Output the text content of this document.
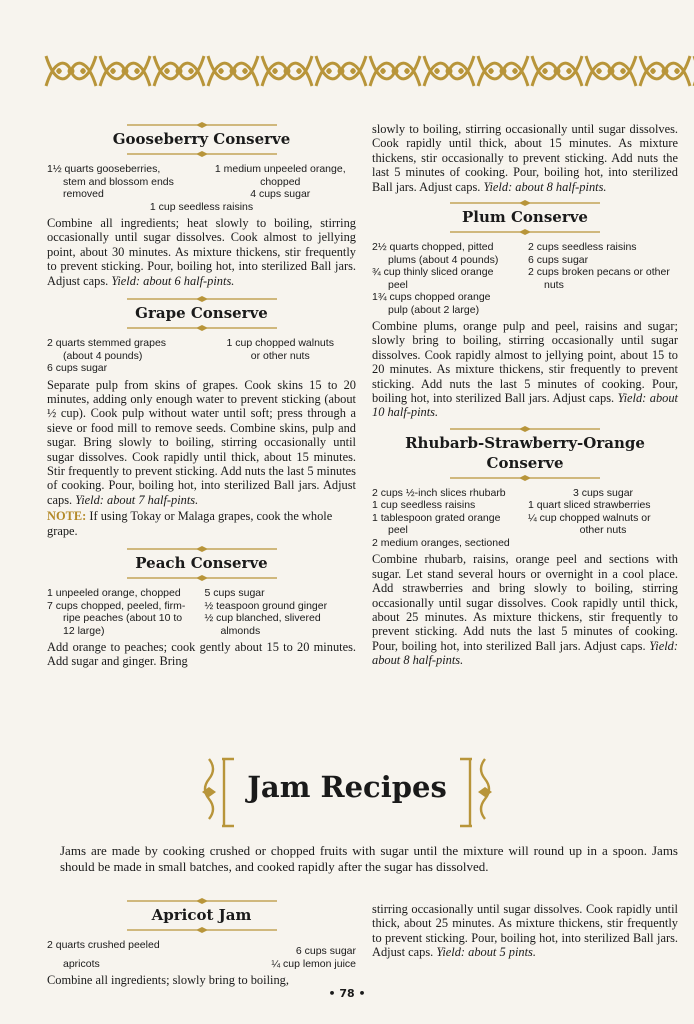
Gooseberry Conserve
1½ quarts gooseberries,	1 medium unpeeled orange,
stem and blossom ends	chopped
removed	4 cups sugar
1 cup seedless raisins

Combine all ingredients; heat slowly to boiling, stirring occasionally until sugar dissolves. Cook almost to jellying point, about 30 minutes. As mixture thickens, stir frequently to prevent sticking. Pour, boiling hot, into sterilized Ball jars. Adjust caps. Yield: about 6 half-pints.

Grape Conserve
2 quarts stemmed grapes	1 cup chopped walnuts
(about 4 pounds)	or other nuts
6 cups sugar

Separate pulp from skins of grapes. Cook skins 15 to 20 minutes, adding only enough water to prevent sticking (about ½ cup). Cook pulp without water until soft; press through a sieve or food mill to remove seeds. Combine skins, pulp and sugar. Bring slowly to boiling, stirring occasionally until sugar dissolves. Cook rapidly until thick, about 15 minutes. Stir frequently to prevent sticking. Add nuts the last 5 minutes of cooking. Pour, boiling hot, into sterilized Ball jars. Adjust caps. Yield: about 7 half-pints.

NOTE: If using Tokay or Malaga grapes, cook the whole grape.

Peach Conserve
1 unpeeled orange, chopped	5 cups sugar
7 cups chopped, peeled, firm-	½ teaspoon ground ginger
ripe peaches (about 10 to	½ cup blanched, slivered
12 large)	almonds

Add orange to peaches; cook gently about 15 to 20 minutes. Add sugar and ginger. Bring

slowly to boiling, stirring occasionally until sugar dissolves. Cook rapidly until thick, about 15 minutes. As mixture thickens, stir occasionally to prevent sticking. Add nuts the last 5 minutes of cooking. Pour, boiling hot, into sterilized Ball jars. Adjust caps. Yield: about 8 half-pints.

Plum Conserve
2½ quarts chopped, pitted	2 cups seedless raisins
plums (about 4 pounds)	6 cups sugar
¾ cup thinly sliced orange	2 cups broken pecans or other
peel	nuts
1¾ cups chopped orange
pulp (about 2 large)

Combine plums, orange pulp and peel, raisins and sugar; slowly bring to boiling, stirring occasionally until sugar dissolves. Cook rapidly almost to jellying point, about 15 to 20 minutes. As mixture thickens, stir frequently to prevent sticking. Add nuts the last 5 minutes of cooking. Pour, boiling hot, into sterilized Ball jars. Adjust caps. Yield: about 10 half-pints.

Rhubarb-Strawberry-Orange
Conserve
2 cups ½-inch slices rhubarb	3 cups sugar
1 cup seedless raisins	1 quart sliced strawberries
1 tablespoon grated orange	¼ cup chopped walnuts or
peel	other nuts
2 medium oranges, sectioned

Combine rhubarb, raisins, orange peel and sections with sugar. Let stand several hours or overnight in a cool place. Add strawberries and bring slowly to boiling, stirring occasionally until sugar dissolves. Cook rapidly until thick, about 25 minutes. As mixture thickens, stir frequently to prevent sticking. Add nuts the last 5 minutes of cooking. Pour, boiling hot, into sterilized Ball jars. Adjust caps. Yield: about 8 half-pints.

Jam Recipes

Jams are made by cooking crushed or chopped fruits with sugar until the mixture will round up in a spoon. Jams should be made in small batches, and cooked rapidly after the sugar has dissolved.

Apricot Jam
2 quarts crushed peeled	6 cups sugar
apricots	¼ cup lemon juice

Combine all ingredients; slowly bring to boiling,

stirring occasionally until sugar dissolves. Cook rapidly until thick, about 25 minutes. As mixture thickens, stir frequently to prevent sticking. Pour, boiling hot, into sterilized Ball jars. Adjust caps. Yield: about 5 pints.

• 78 •
